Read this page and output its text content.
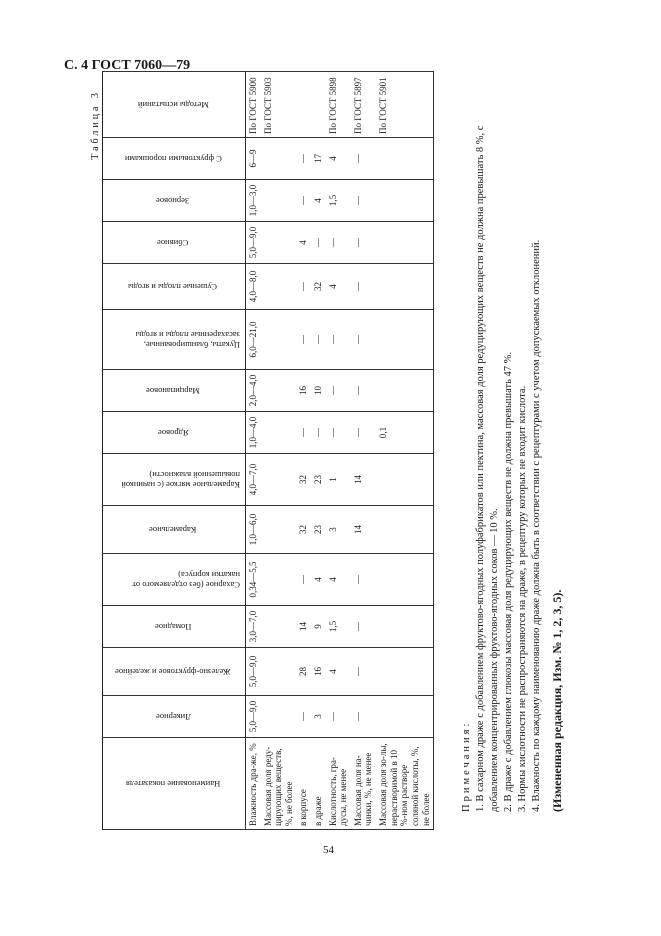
С. 4 ГОСТ 7060—79
Таблица 3
Наименование показателя	Ликерное	Железно-фруктовое и желейное	Помадное	Сахарное (без отделяемого от накатки корпуса)	Карамельное	Карамельное мягкое (с начинкой повышенной влажности)	Ядровое	Марципановое	Цукаты, бланшированные, засахаренные плоды и ягоды	Сушеные плоды и ягоды	Сбивное	Зерновое	С фруктовыми порошками	Методы испытаний
Влажность дра-же, %	5,0—9,0	5,0—9,0	3,0—7,0	0,34—5,5	1,0—6,0	4,0—7,0	1,0—4,0	2,0—4,0	6,0—21,0	4,0—8,0	5,0—9,0	1,0—3,0	6—9	По ГОСТ 5900
Массовая доля реду-цирующих веществ, %, не более														По ГОСТ 5903
в корпусе	—	28	14	—	32	32	—	16	—	—	4	—	—	
в драже	3	16	9	4	23	23	—	10	—	32	—	4	17	
Кислотность, гра-дусы, не менее	—	4	1,5	4	3	1	—	—	—	4	—	1,5	4	По ГОСТ 5898
Массовая доля на-чинки, %, не менее	—	—	—	—	14	14	—	—	—	—	—	—	—	По ГОСТ 5897
Массовая доля зо-лы, нерастворимой в 10 %-ном растворе соляной кислоты, %, не более							0,1							По ГОСТ 5901

Примечания: 1. В сахарном драже с добавлением фруктово-ягодных полуфабрикатов или пектина, массовая доля редуцирующих веществ не должна превышать 8 %, с добавлением концентрированных фруктово-ягодных соков — 10 %. 2. В драже с добавлением глюкозы массовая доля редуцирующих веществ не должна превышать 47 %. 3. Нормы кислотности не распространяются на драже, в рецептуру которых не входит кислота. 4. Влажность по каждому наименованию драже должна быть в соответствии с рецептурами с учетом допускаемых отклонений. (Измененная редакция, Изм. № 1, 2, 3, 5).

54
